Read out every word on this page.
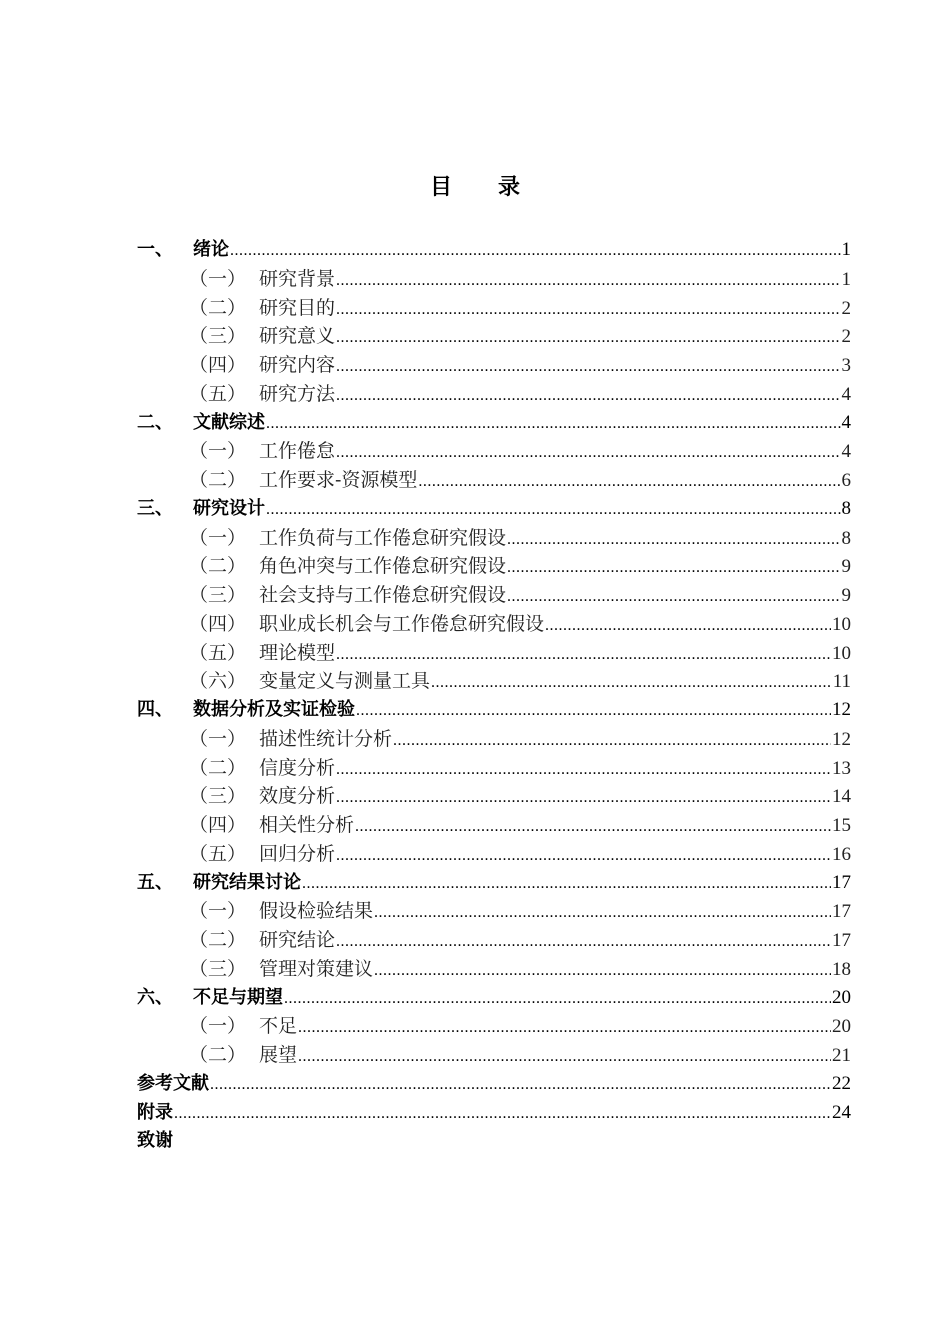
目 录
一、	绪论 .....	1
（一） 研究背景 .....	1
（二） 研究目的 .....	2
（三） 研究意义 .....	2
（四） 研究内容 .....	3
（五） 研究方法 .....	4
二、	文献综述 .....	4
（一） 工作倦怠 .....	4
（二） 工作要求-资源模型 .....	6
三、	研究设计 .....	8
（一） 工作负荷与工作倦怠研究假设 .....	8
（二） 角色冲突与工作倦怠研究假设 .....	9
（三） 社会支持与工作倦怠研究假设 .....	9
（四） 职业成长机会与工作倦怠研究假设 .....	10
（五） 理论模型 .....	10
（六） 变量定义与测量工具 .....	11
四、	数据分析及实证检验 .....	12
（一） 描述性统计分析 .....	12
（二） 信度分析 .....	13
（三） 效度分析 .....	14
（四） 相关性分析 .....	15
（五） 回归分析 .....	16
五、	研究结果讨论 .....	17
（一） 假设检验结果 .....	17
（二） 研究结论 .....	17
（三） 管理对策建议 .....	18
六、	不足与期望 .....	20
（一） 不足 .....	20
（二） 展望 .....	21
参考文献 .....	22
附录 .....	24
致谢
